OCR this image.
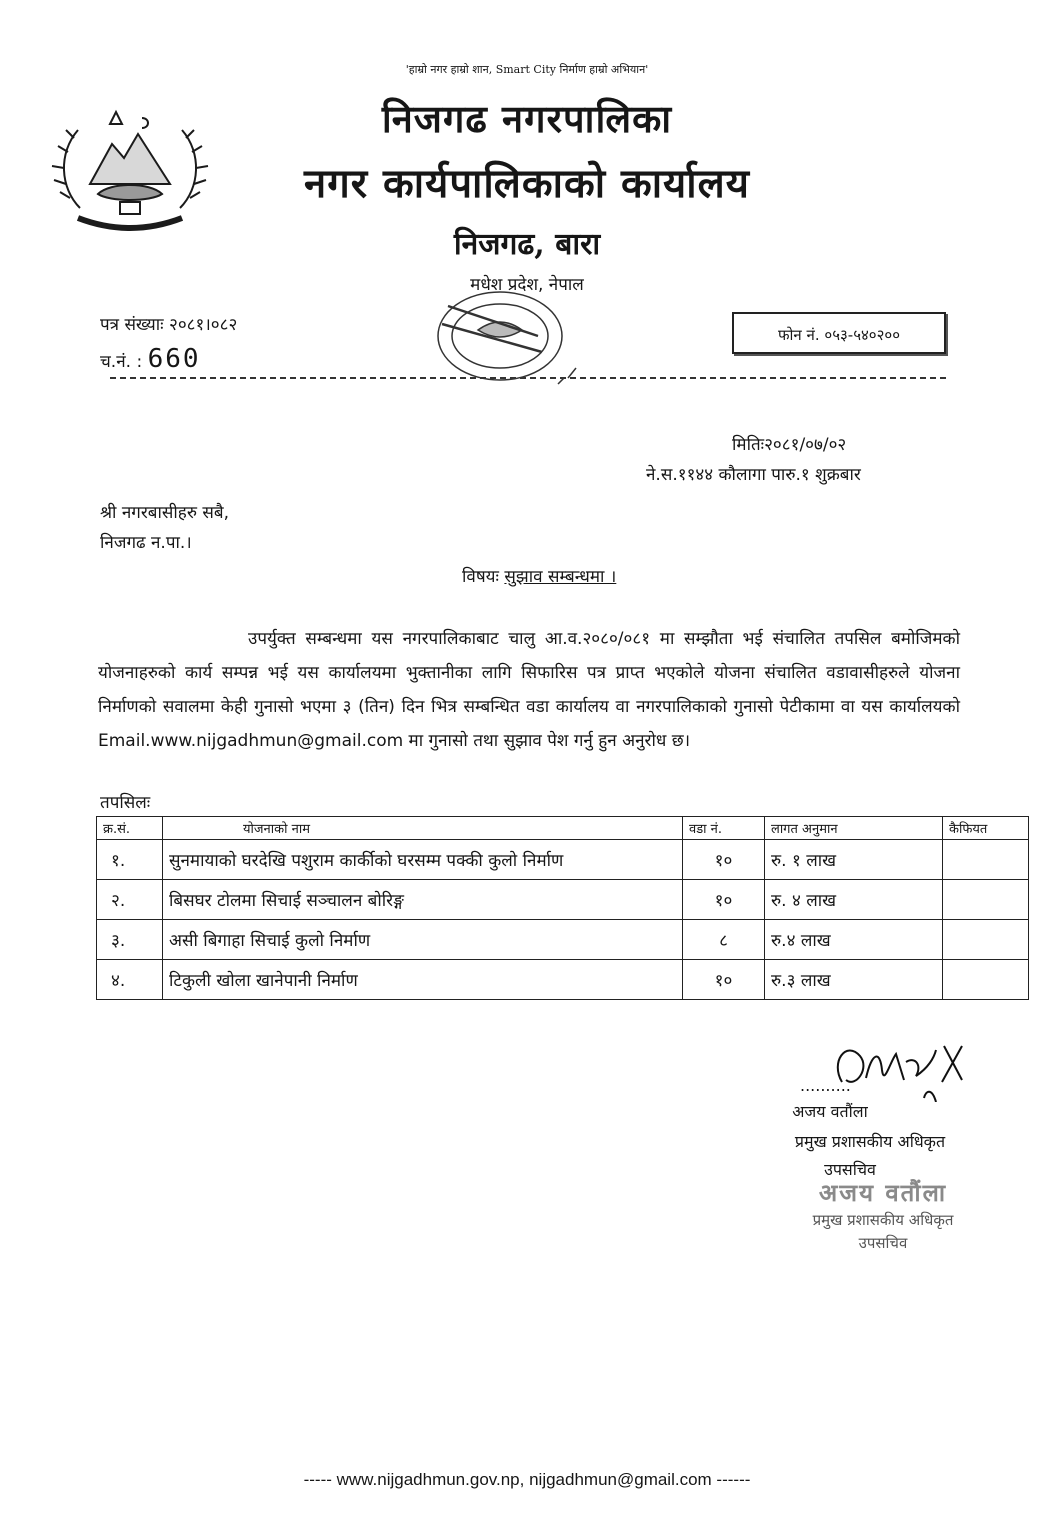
'हाम्रो नगर हाम्रो शान, Smart City निर्माण हाम्रो अभियान'
निजगढ नगरपालिका
नगर कार्यपालिकाको कार्यालय
निजगढ, बारा
मधेश प्रदेश, नेपाल
पत्र संख्याः २०८१।०८२
च.नं. : 660
फोन नं. ०५३-५४०२००
मितिः२०८१/०७/०२
ने.स.११४४ कौलागा पारु.१ शुक्रबार
श्री नगरबासीहरु सबै,
निजगढ न.पा.।
विषयः सुझाव सम्बन्धमा ।
उपर्युक्त सम्बन्धमा यस नगरपालिकाबाट चालु आ.व.२०८०/०८१ मा सम्झौता भई संचालित तपसिल बमोजिमको योजनाहरुको कार्य सम्पन्न भई यस कार्यालयमा भुक्तानीका लागि सिफारिस पत्र प्राप्त भएकोले योजना संचालित वडावासीहरुले योजना निर्माणको सवालमा केही गुनासो भएमा ३ (तिन) दिन भित्र सम्बन्धित वडा कार्यालय वा नगरपालिकाको गुनासो पेटीकामा वा यस कार्यालयको Email.www.nijgadhmun@gmail.com मा गुनासो तथा सुझाव पेश गर्नु हुन अनुरोध छ।
तपसिलः
क्र.सं.	योजनाको नाम	वडा नं.	लागत अनुमान	कैफियत
१.	सुनमायाको घरदेखि पशुराम कार्कीको घरसम्म पक्की कुलो निर्माण	१०	रु. १ लाख	
२.	बिसघर टोलमा सिचाई सञ्चालन बोरिङ्ग	१०	रु. ४ लाख	
३.	असी बिगाहा सिचाई कुलो निर्माण	८	रु.४ लाख	
४.	टिकुली खोला खानेपानी निर्माण	१०	रु.३ लाख	
..........
अजय वतौंला
प्रमुख प्रशासकीय अधिकृत
उपसचिव
अजय वतौंला
प्रमुख प्रशासकीय अधिकृत
उपसचिव
----- www.nijgadhmun.gov.np, nijgadhmun@gmail.com ------
